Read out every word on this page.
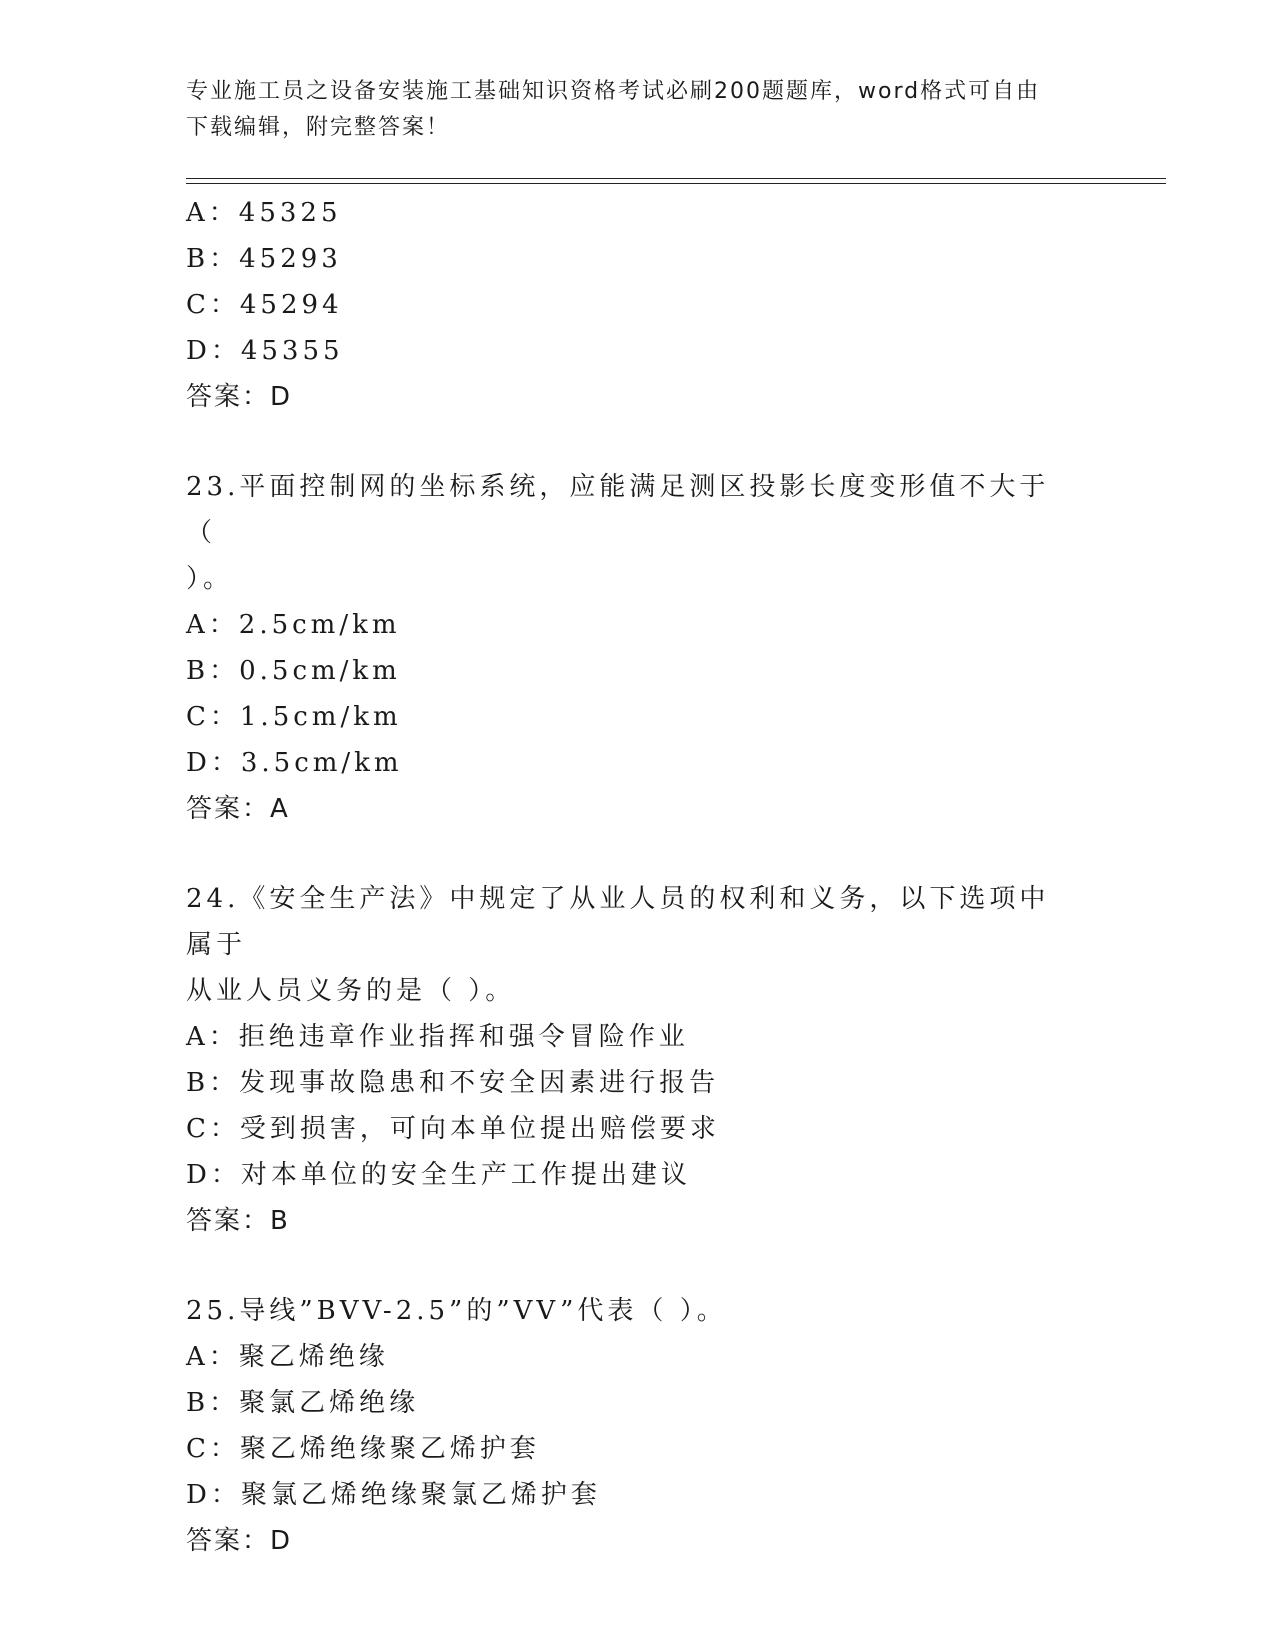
专业施工员之设备安装施工基础知识资格考试必刷200题题库，word格式可自由
下载编辑，附完整答案！
A：45325
B：45293
C：45294
D：45355
答案：D
23.平面控制网的坐标系统，应能满足测区投影长度变形值不大于（
）。
A：2.5cm/km
B：0.5cm/km
C：1.5cm/km
D：3.5cm/km
答案：A
24.《安全生产法》中规定了从业人员的权利和义务，以下选项中属于
从业人员义务的是（ ）。
A：拒绝违章作业指挥和强令冒险作业
B：发现事故隐患和不安全因素进行报告
C：受到损害，可向本单位提出赔偿要求
D：对本单位的安全生产工作提出建议
答案：B
25.导线”BVV-2.5”的”VV”代表（ ）。
A：聚乙烯绝缘
B：聚氯乙烯绝缘
C：聚乙烯绝缘聚乙烯护套
D：聚氯乙烯绝缘聚氯乙烯护套
答案：D
